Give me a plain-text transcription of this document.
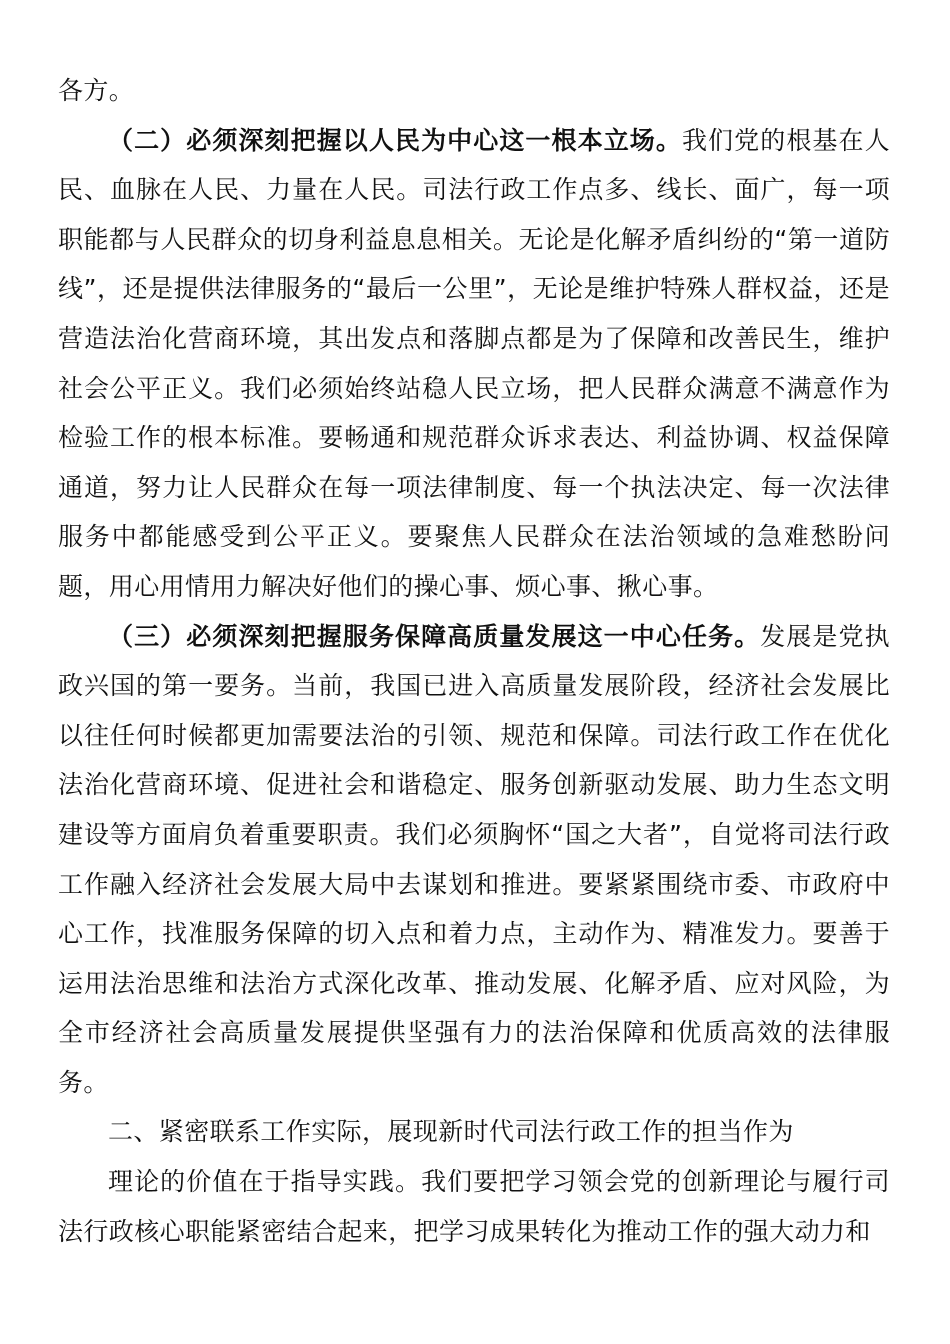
各方。

（二）必须深刻把握以人民为中心这一根本立场。我们党的根基在人民、血脉在人民、力量在人民。司法行政工作点多、线长、面广，每一项职能都与人民群众的切身利益息息相关。无论是化解矛盾纠纷的“第一道防线”，还是提供法律服务的“最后一公里”，无论是维护特殊人群权益，还是营造法治化营商环境，其出发点和落脚点都是为了保障和改善民生，维护社会公平正义。我们必须始终站稳人民立场，把人民群众满意不满意作为检验工作的根本标准。要畅通和规范群众诉求表达、利益协调、权益保障通道，努力让人民群众在每一项法律制度、每一个执法决定、每一次法律服务中都能感受到公平正义。要聚焦人民群众在法治领域的急难愁盼问题，用心用情用力解决好他们的操心事、烦心事、揪心事。

（三）必须深刻把握服务保障高质量发展这一中心任务。发展是党执政兴国的第一要务。当前，我国已进入高质量发展阶段，经济社会发展比以往任何时候都更加需要法治的引领、规范和保障。司法行政工作在优化法治化营商环境、促进社会和谐稳定、服务创新驱动发展、助力生态文明建设等方面肩负着重要职责。我们必须胸怀“国之大者”，自觉将司法行政工作融入经济社会发展大局中去谋划和推进。要紧紧围绕市委、市政府中心工作，找准服务保障的切入点和着力点，主动作为、精准发力。要善于运用法治思维和法治方式深化改革、推动发展、化解矛盾、应对风险，为全市经济社会高质量发展提供坚强有力的法治保障和优质高效的法律服务。

二、紧密联系工作实际，展现新时代司法行政工作的担当作为

理论的价值在于指导实践。我们要把学习领会党的创新理论与履行司法行政核心职能紧密结合起来，把学习成果转化为推动工作的强大动力和
